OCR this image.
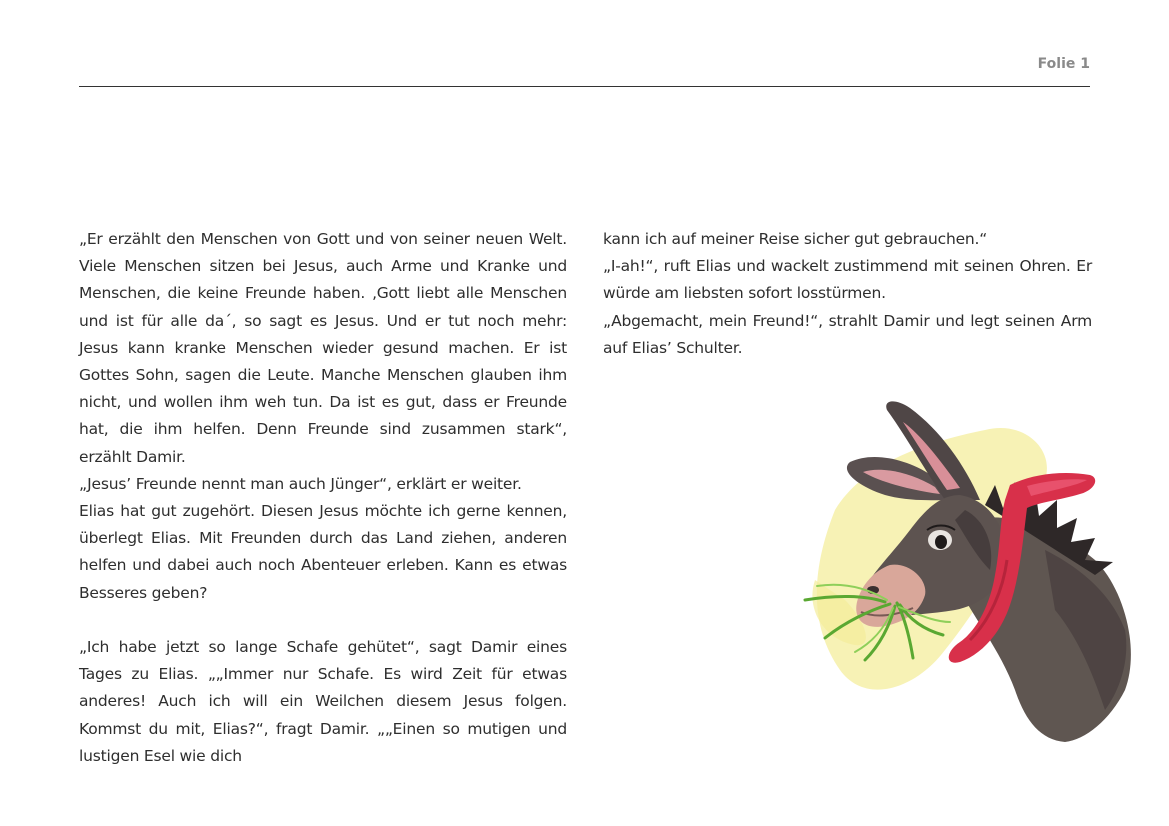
Folie 1

„Er erzählt den Menschen von Gott und von seiner neuen Welt. Viele Menschen sitzen bei Jesus, auch Arme und Kranke und Menschen, die keine Freunde haben. ‚Gott liebt alle Menschen und ist für alle da´, so sagt es Jesus. Und er tut noch mehr: Jesus kann kranke Menschen wieder gesund machen. Er ist Gottes Sohn, sagen die Leute. Manche Menschen glauben ihm nicht, und wollen ihm weh tun. Da ist es gut, dass er Freunde hat, die ihm helfen. Denn Freunde sind zusammen stark“, erzählt Damir.

„Jesus’ Freunde nennt man auch Jünger“, erklärt er weiter.

Elias hat gut zugehört. Diesen Jesus möchte ich gerne kennen, überlegt Elias. Mit Freunden durch das Land ziehen, anderen helfen und dabei auch noch Abenteuer erleben. Kann es etwas Besseres geben?

„Ich habe jetzt so lange Schafe gehütet“, sagt Damir eines Tages zu Elias. „„Immer nur Schafe. Es wird Zeit für etwas anderes! Auch ich will ein Weilchen diesem Jesus folgen. Kommst du mit, Elias?“, fragt Damir. „„Einen so mutigen und lustigen Esel wie dich

kann ich auf meiner Reise sicher gut gebrauchen.“

„I-ah!“, ruft Elias und wackelt zustimmend mit seinen Ohren. Er würde am liebsten sofort losstürmen.

„Abgemacht, mein Freund!“, strahlt Damir und legt seinen Arm auf Elias’ Schulter.
